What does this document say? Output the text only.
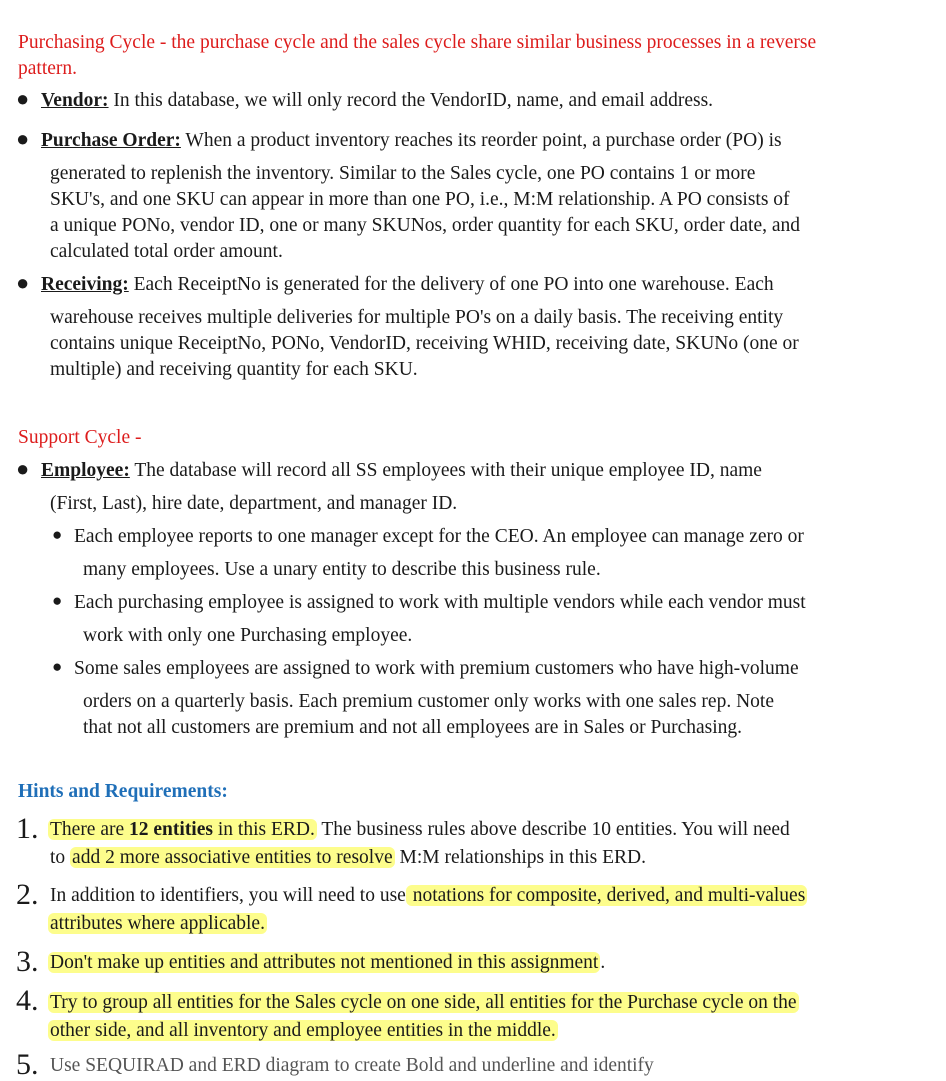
Purchasing Cycle - the purchase cycle and the sales cycle share similar business processes in a reverse
pattern.
● Vendor: In this database, we will only record the VendorID, name, and email address.
● Purchase Order: When a product inventory reaches its reorder point, a purchase order (PO) is
generated to replenish the inventory. Similar to the Sales cycle, one PO contains 1 or more
SKU's, and one SKU can appear in more than one PO, i.e., M:M relationship. A PO consists of
a unique PONo, vendor ID, one or many SKUNos, order quantity for each SKU, order date, and
calculated total order amount.
● Receiving: Each ReceiptNo is generated for the delivery of one PO into one warehouse. Each
warehouse receives multiple deliveries for multiple PO's on a daily basis. The receiving entity
contains unique ReceiptNo, PONo, VendorID, receiving WHID, receiving date, SKUNo (one or
multiple) and receiving quantity for each SKU.
Support Cycle -
● Employee: The database will record all SS employees with their unique employee ID, name
(First, Last), hire date, department, and manager ID.
● Each employee reports to one manager except for the CEO. An employee can manage zero or
many employees. Use a unary entity to describe this business rule.
● Each purchasing employee is assigned to work with multiple vendors while each vendor must
work with only one Purchasing employee.
● Some sales employees are assigned to work with premium customers who have high-volume
orders on a quarterly basis. Each premium customer only works with one sales rep. Note
that not all customers are premium and not all employees are in Sales or Purchasing.
Hints and Requirements:
1. There are 12 entities in this ERD. The business rules above describe 10 entities. You will need
to add 2 more associative entities to resolve M:M relationships in this ERD.
2. In addition to identifiers, you will need to use notations for composite, derived, and multi-values
attributes where applicable.
3. Don't make up entities and attributes not mentioned in this assignment .
4. Try to group all entities for the Sales cycle on one side, all entities for the Purchase cycle on the
other side, and all inventory and employee entities in the middle.
5. Use SEQUIRAD and ERD diagram to create Bold and underline and identify
